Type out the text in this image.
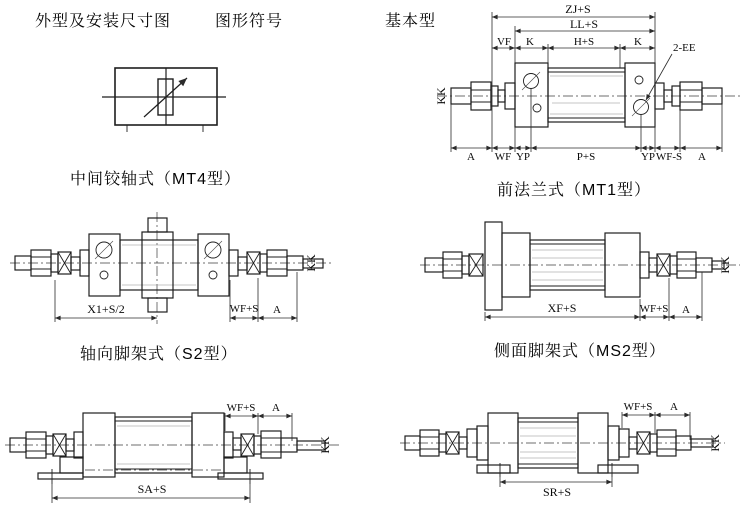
外型及安装尺寸图	图形符号	基本型
中间铰轴式（MT4型）
前法兰式（MT1型）
轴向脚架式（S2型）	侧面脚架式（MS2型）
ZJ+S
LL+S
VF K	H+S	K	2-EE
KK
A WF YP	P+S	YP WF-S A
X1+S/2	WF+S A
KK
XF+S	WF+S A
KK
WF+S A
SA+S
KK
WF+S A
SR+S
KK
